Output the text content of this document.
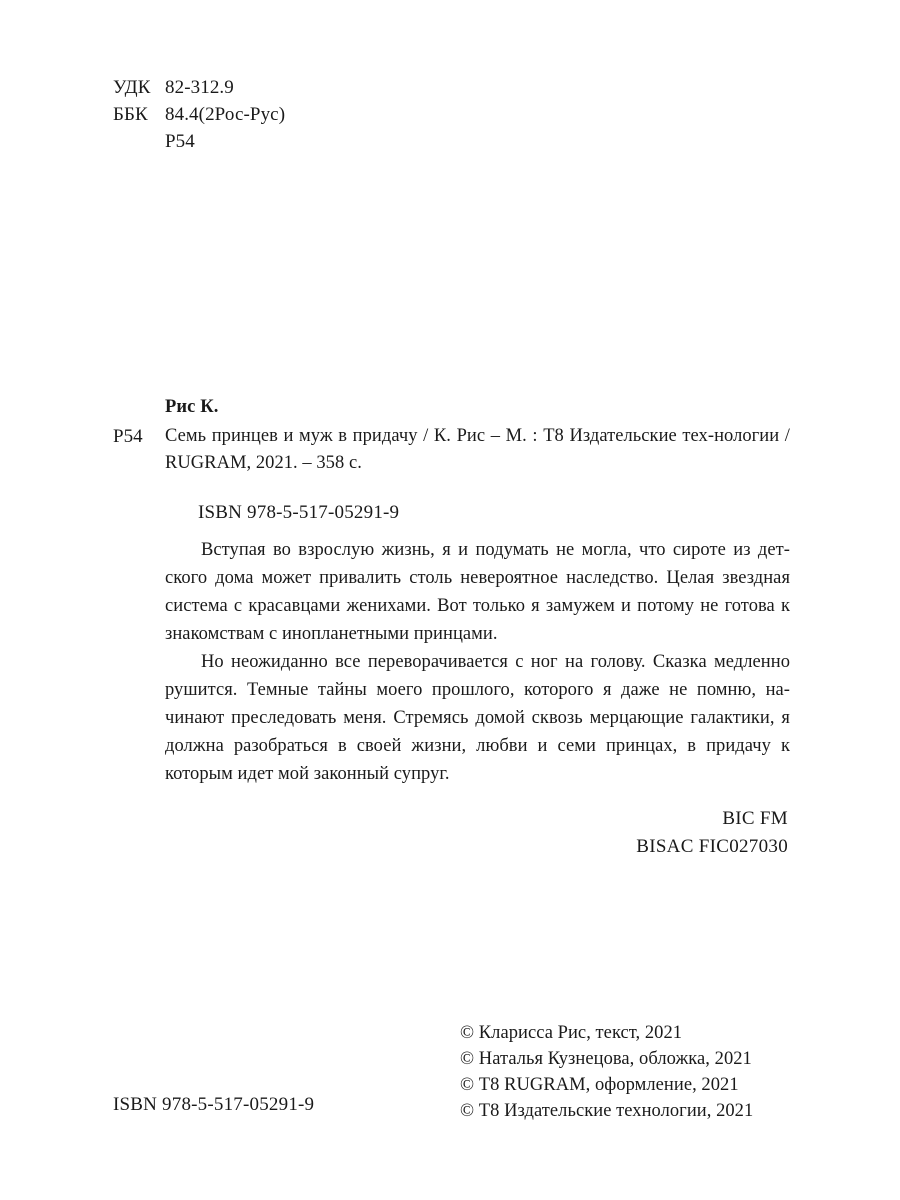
УДК 82-312.9
ББК 84.4(2Рос-Рус)
Р54
Рис К.
Р54 Семь принцев и муж в придачу / К. Рис – М. : Т8 Издательские тех-нологии / RUGRAM, 2021. – 358 с.
ISBN 978-5-517-05291-9

Вступая во взрослую жизнь, я и подумать не могла, что сироте из дет-ского дома может привалить столь невероятное наследство. Целая звездная система с красавцами женихами. Вот только я замужем и потому не готова к знакомствам с инопланетными принцами.

Но неожиданно все переворачивается с ног на голову. Сказка медленно рушится. Темные тайны моего прошлого, которого я даже не помню, на-чинают преследовать меня. Стремясь домой сквозь мерцающие галактики, я должна разобраться в своей жизни, любви и семи принцах, в придачу к которым идет мой законный супруг.

BIC FM
BISAC FIC027030
ISBN 978-5-517-05291-9
© Кларисса Рис, текст, 2021
© Наталья Кузнецова, обложка, 2021
© Т8 RUGRAM, оформление, 2021
© Т8 Издательские технологии, 2021
